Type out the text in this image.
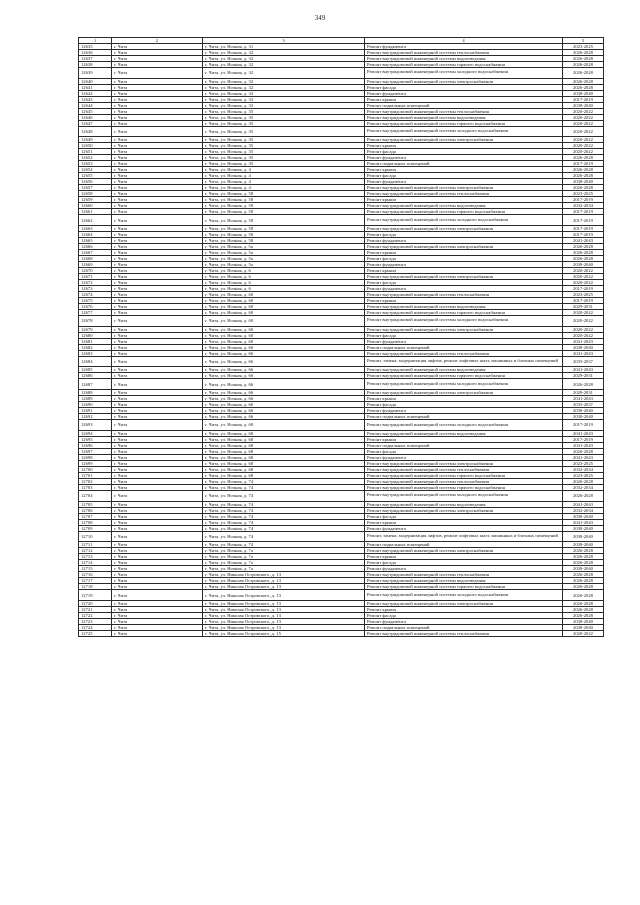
349
1	2	3	4	5
12635	г. Чита	г. Чита, ул. Ночная, д. 31	Ремонт фундамента	2023-2025
12636	г. Чита	г. Чита, ул. Ночная, д. 32	Ремонт внутридомовой инженерной системы теплоснабжения	2026-2028
12637	г. Чита	г. Чита, ул. Ночная, д. 32	Ремонт внутридомовой инженерной системы водоотведения	2026-2028
12638	г. Чита	г. Чита, ул. Ночная, д. 32	Ремонт внутридомовой инженерной системы горячего водоснабжения	2026-2028
12639	г. Чита	г. Чита, ул. Ночная, д. 32	Ремонт внутридомовой инженерной системы холодного водоснабжения	2026-2028
12640	г. Чита	г. Чита, ул. Ночная, д. 32	Ремонт внутридомовой инженерной системы электроснабжения	2026-2028
12641	г. Чита	г. Чита, ул. Ночная, д. 32	Ремонт фасада	2026-2028
12642	г. Чита	г. Чита, ул. Ночная, д. 33	Ремонт фундамента	2038-2040
12643	г. Чита	г. Чита, ул. Ночная, д. 33	Ремонт крыши	2017-2019
12644	г. Чита	г. Чита, ул. Ночная, д. 33	Ремонт подвальных помещений	2038-2040
12645	г. Чита	г. Чита, ул. Ночная, д. 35	Ремонт внутридомовой инженерной системы теплоснабжения	2020-2022
12646	г. Чита	г. Чита, ул. Ночная, д. 35	Ремонт внутридомовой инженерной системы водоотведения	2020-2022
12647	г. Чита	г. Чита, ул. Ночная, д. 35	Ремонт внутридомовой инженерной системы горячего водоснабжения	2020-2022
12648	г. Чита	г. Чита, ул. Ночная, д. 35	Ремонт внутридомовой инженерной системы холодного водоснабжения	2020-2022
12649	г. Чита	г. Чита, ул. Ночная, д. 35	Ремонт внутридомовой инженерной системы электроснабжения	2020-2022
12650	г. Чита	г. Чита, ул. Ночная, д. 35	Ремонт крыши	2020-2022
12651	г. Чита	г. Чита, ул. Ночная, д. 35	Ремонт фасада	2020-2022
12652	г. Чита	г. Чита, ул. Ночная, д. 35	Ремонт фундамента	2026-2028
12653	г. Чита	г. Чита, ул. Ночная, д. 35	Ремонт подвальных помещений	2017-2019
12654	г. Чита	г. Чита, ул. Ночная, д. 4	Ремонт крыши	2026-2028
12655	г. Чита	г. Чита, ул. Ночная, д. 4	Ремонт фасада	2026-2028
12656	г. Чита	г. Чита, ул. Ночная, д. 4	Ремонт фундамента	2038-2040
12657	г. Чита	г. Чита, ул. Ночная, д. 4	Ремонт внутридомовой инженерной системы электроснабжения	2026-2028
12658	г. Чита	г. Чита, ул. Ночная, д. 58	Ремонт внутридомовой инженерной системы теплоснабжения	2023-2025
12659	г. Чита	г. Чита, ул. Ночная, д. 58	Ремонт крыши	2017-2019
12660	г. Чита	г. Чита, ул. Ночная, д. 58	Ремонт внутридомовой инженерной системы водоотведения	2032-2034
12661	г. Чита	г. Чита, ул. Ночная, д. 58	Ремонт внутридомовой инженерной системы горячего водоснабжения	2017-2019
12662	г. Чита	г. Чита, ул. Ночная, д. 58	Ремонт внутридомовой инженерной системы холодного водоснабжения	2017-2019
12663	г. Чита	г. Чита, ул. Ночная, д. 58	Ремонт внутридомовой инженерной системы электроснабжения	2017-2019
12664	г. Чита	г. Чита, ул. Ночная, д. 58	Ремонт фасада	2017-2019
12665	г. Чита	г. Чита, ул. Ночная, д. 58	Ремонт фундамента	2041-2043
12666	г. Чита	г. Чита, ул. Ночная, д. 5а	Ремонт внутридомовой инженерной системы электроснабжения	2026-2028
12667	г. Чита	г. Чита, ул. Ночная, д. 5а	Ремонт крыши	2026-2028
12668	г. Чита	г. Чита, ул. Ночная, д. 5а	Ремонт фасада	2026-2028
12669	г. Чита	г. Чита, ул. Ночная, д. 5а	Ремонт фундамента	2038-2040
12670	г. Чита	г. Чита, ул. Ночная, д. 6	Ремонт крыши	2020-2022
12671	г. Чита	г. Чита, ул. Ночная, д. 6	Ремонт внутридомовой инженерной системы электроснабжения	2020-2022
12672	г. Чита	г. Чита, ул. Ночная, д. 6	Ремонт фасада	2020-2022
12673	г. Чита	г. Чита, ул. Ночная, д. 6	Ремонт фундамента	2017-2019
12674	г. Чита	г. Чита, ул. Ночная, д. 60	Ремонт внутридомовой инженерной системы теплоснабжения	2023-2025
12675	г. Чита	г. Чита, ул. Ночная, д. 60	Ремонт крыши	2017-2019
12676	г. Чита	г. Чита, ул. Ночная, д. 60	Ремонт внутридомовой инженерной системы водоотведения	2029-2031
12677	г. Чита	г. Чита, ул. Ночная, д. 60	Ремонт внутридомовой инженерной системы горячего водоснабжения	2020-2022
12678	г. Чита	г. Чита, ул. Ночная, д. 60	Ремонт внутридомовой инженерной системы холодного водоснабжения	2020-2022
12679	г. Чита	г. Чита, ул. Ночная, д. 60	Ремонт внутридомовой инженерной системы электроснабжения	2020-2022
12680	г. Чита	г. Чита, ул. Ночная, д. 60	Ремонт фасада	2020-2022
12681	г. Чита	г. Чита, ул. Ночная, д. 60	Ремонт фундамента	2041-2043
12682	г. Чита	г. Чита, ул. Ночная, д. 60	Ремонт подвальных помещений	2038-2040
12683	г. Чита	г. Чита, ул. Ночная, д. 66	Ремонт внутридомовой инженерной системы теплоснабжения	2041-2043
12684	г. Чита	г. Чита, ул. Ночная, д. 66	Ремонт, замена, модернизация лифтов, ремонт лифтовых шахт, машинных и блочных помещений	2035-2037
12685	г. Чита	г. Чита, ул. Ночная, д. 66	Ремонт внутридомовой инженерной системы водоотведения	2041-2043
12686	г. Чита	г. Чита, ул. Ночная, д. 66	Ремонт внутридомовой инженерной системы горячего водоснабжения	2029-2031
12687	г. Чита	г. Чита, ул. Ночная, д. 66	Ремонт внутридомовой инженерной системы холодного водоснабжения	2026-2028
12688	г. Чита	г. Чита, ул. Ночная, д. 66	Ремонт внутридомовой инженерной системы электроснабжения	2029-2031
12689	г. Чита	г. Чита, ул. Ночная, д. 66	Ремонт крыши	2041-2043
12690	г. Чита	г. Чита, ул. Ночная, д. 66	Ремонт фасада	2035-2037
12691	г. Чита	г. Чита, ул. Ночная, д. 66	Ремонт фундамента	2038-2040
12692	г. Чита	г. Чита, ул. Ночная, д. 66	Ремонт подвальных помещений	2038-2040
12693	г. Чита	г. Чита, ул. Ночная, д. 68	Ремонт внутридомовой инженерной системы холодного водоснабжения	2017-2019
12694	г. Чита	г. Чита, ул. Ночная, д. 68	Ремонт внутридомовой инженерной системы водоотведения	2041-2043
12695	г. Чита	г. Чита, ул. Ночная, д. 68	Ремонт крыши	2017-2019
12696	г. Чита	г. Чита, ул. Ночная, д. 68	Ремонт подвальных помещений	2041-2043
12697	г. Чита	г. Чита, ул. Ночная, д. 68	Ремонт фасада	2026-2028
12698	г. Чита	г. Чита, ул. Ночная, д. 68	Ремонт фундамента	2041-2043
12699	г. Чита	г. Чита, ул. Ночная, д. 68	Ремонт внутридомовой инженерной системы электроснабжения	2023-2025
12700	г. Чита	г. Чита, ул. Ночная, д. 68	Ремонт внутридомовой инженерной системы теплоснабжения	2032-2034
12701	г. Чита	г. Чита, ул. Ночная, д. 68	Ремонт внутридомовой инженерной системы горячего водоснабжения	2023-2025
12702	г. Чита	г. Чита, ул. Ночная, д. 74	Ремонт внутридомовой инженерной системы теплоснабжения	2026-2028
12703	г. Чита	г. Чита, ул. Ночная, д. 74	Ремонт внутридомовой инженерной системы горячего водоснабжения	2032-2034
12704	г. Чита	г. Чита, ул. Ночная, д. 74	Ремонт внутридомовой инженерной системы холодного водоснабжения	2026-2028
12705	г. Чита	г. Чита, ул. Ночная, д. 74	Ремонт внутридомовой инженерной системы водоотведения	2041-2043
12706	г. Чита	г. Чита, ул. Ночная, д. 74	Ремонт внутридомовой инженерной системы электроснабжения	2032-2034
12707	г. Чита	г. Чита, ул. Ночная, д. 74	Ремонт фасада	2038-2040
12708	г. Чита	г. Чита, ул. Ночная, д. 74	Ремонт крыши	2041-2043
12709	г. Чита	г. Чита, ул. Ночная, д. 74	Ремонт фундамента	2038-2040
12710	г. Чита	г. Чита, ул. Ночная, д. 74	Ремонт, замена, модернизация лифтов, ремонт лифтовых шахт, машинных и блочных помещений	2038-2040
12711	г. Чита	г. Чита, ул. Ночная, д. 74	Ремонт подвальных помещений	2038-2040
12712	г. Чита	г. Чита, ул. Ночная, д. 7а	Ремонт внутридомовой инженерной системы электроснабжения	2026-2028
12713	г. Чита	г. Чита, ул. Ночная, д. 7а	Ремонт крыши	2026-2028
12714	г. Чита	г. Чита, ул. Ночная, д. 7а	Ремонт фасада	2026-2028
12715	г. Чита	г. Чита, ул. Ночная, д. 7а	Ремонт фундамента	2038-2040
12716	г. Чита	г. Чита, ул. Николая Островского, д. 13	Ремонт внутридомовой инженерной системы теплоснабжения	2026-2028
12717	г. Чита	г. Чита, ул. Николая Островского, д. 13	Ремонт внутридомовой инженерной системы водоотведения	2026-2028
12718	г. Чита	г. Чита, ул. Николая Островского, д. 13	Ремонт внутридомовой инженерной системы горячего водоснабжения	2026-2028
12719	г. Чита	г. Чита, ул. Николая Островского, д. 13	Ремонт внутридомовой инженерной системы холодного водоснабжения	2026-2028
12720	г. Чита	г. Чита, ул. Николая Островского, д. 13	Ремонт внутридомовой инженерной системы электроснабжения	2026-2028
12721	г. Чита	г. Чита, ул. Николая Островского, д. 13	Ремонт крыши	2026-2028
12722	г. Чита	г. Чита, ул. Николая Островского, д. 13	Ремонт фасада	2026-2028
12723	г. Чита	г. Чита, ул. Николая Островского, д. 13	Ремонт фундамента	2038-2040
12724	г. Чита	г. Чита, ул. Николая Островского, д. 13	Ремонт подвальных помещений	2038-2040
12725	г. Чита	г. Чита, ул. Николая Островского, д. 15	Ремонт внутридомовой инженерной системы теплоснабжения	2020-2022
